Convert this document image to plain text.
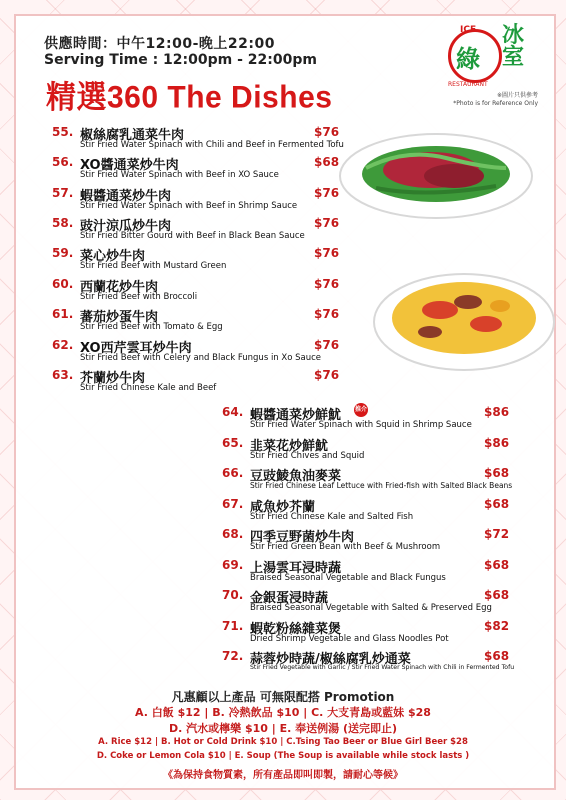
供應時間：中午12:00-晚上22:00
Serving Time : 12:00pm - 22:00pm
精選360 The Dishes
ICE
綠
冰室
RESTAURANT
※圖片只供參考
*Photo is for Reference Only
55. 椒絲腐乳通菜牛肉
Stir Fried Water Spinach with Chili and Beef in Fermented Tofu
$76
56. XO醬通菜炒牛肉
Stir Fried Water Spinach with Beef in XO Sauce
$68
57. 蝦醬通菜炒牛肉
Stir Fried Water Spinach with Beef in Shrimp Sauce
$76
58. 豉汁涼瓜炒牛肉
Stir Fried Bitter Gourd with Beef in Black Bean Sauce
$76
59. 菜心炒牛肉
Stir Fried Beef with Mustard Green
$76
60. 西蘭花炒牛肉
Stir Fried Beef with Broccoli
$76
61. 蕃茄炒蛋牛肉
Stir Fried Beef with Tomato & Egg
$76
62. XO西芹雲耳炒牛肉
Stir Fried Beef with Celery and Black Fungus in Xo Sauce
$76
63. 芥蘭炒牛肉
Stir Fried Chinese Kale and Beef
$76
64. 蝦醬通菜炒鮮魷 推介
Stir Fried Water Spinach with Squid in Shrimp Sauce
$86
65. 韭菜花炒鮮魷
Stir Fried Chives and Squid
$86
66. 豆豉鯪魚油麥菜
Stir Fried Chinese Leaf Lettuce with Fried-fish with Salted Black Beans
$68
67. 咸魚炒芥蘭
Stir Fried Chinese Kale and Salted Fish
$68
68. 四季豆野菌炒牛肉
Stir Fried Green Bean with Beef & Mushroom
$72
69. 上湯雲耳浸時蔬
Braised Seasonal Vegetable and Black Fungus
$68
70. 金銀蛋浸時蔬
Braised Seasonal Vegetable with Salted & Preserved Egg
$68
71. 蝦乾粉絲雜菜煲
Dried Shrimp Vegetable and Glass Noodles Pot
$82
72. 蒜蓉炒時蔬/椒絲腐乳炒通菜
Stir Fried Vegetable with Garlic / Stir Fried Water Spinach with Chili in Fermented Tofu
$68
凡惠顧以上產品 可無限配搭 Promotion
A. 白飯 $12 | B. 冷熱飲品 $10 | C. 大支青島或藍妹 $28
D. 汽水或檸樂 $10 | E. 奉送例湯 (送完即止)
A. Rice $12 | B. Hot or Cold Drink $10 | C.Tsing Tao Beer or Blue Girl Beer $28
D. Coke or Lemon Cola $10 | E. Soup (The Soup is available while stock lasts )
《為保持食物質素，所有產品即叫即製，請耐心等候》
